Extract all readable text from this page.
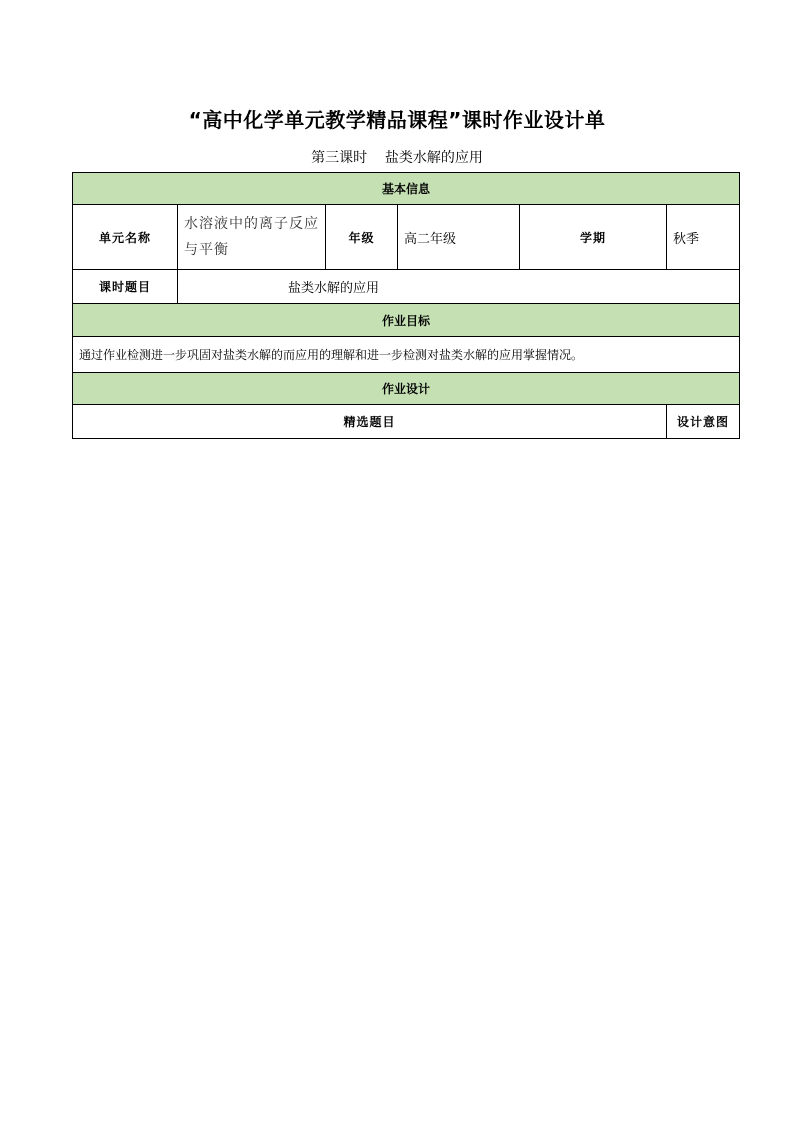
“高中化学单元教学精品课程”课时作业设计单
第三课时    盐类水解的应用
基本信息					
单元名称	水溶液中的离子反应与平衡	年级	高二年级	学期	秋季
课时题目	盐类水解的应用				
作业目标					
通过作业检测进一步巩固对盐类水解的而应用的理解和进一步检测对盐类水解的应用掌握情况。					
作业设计					
精选题目					设计意图
